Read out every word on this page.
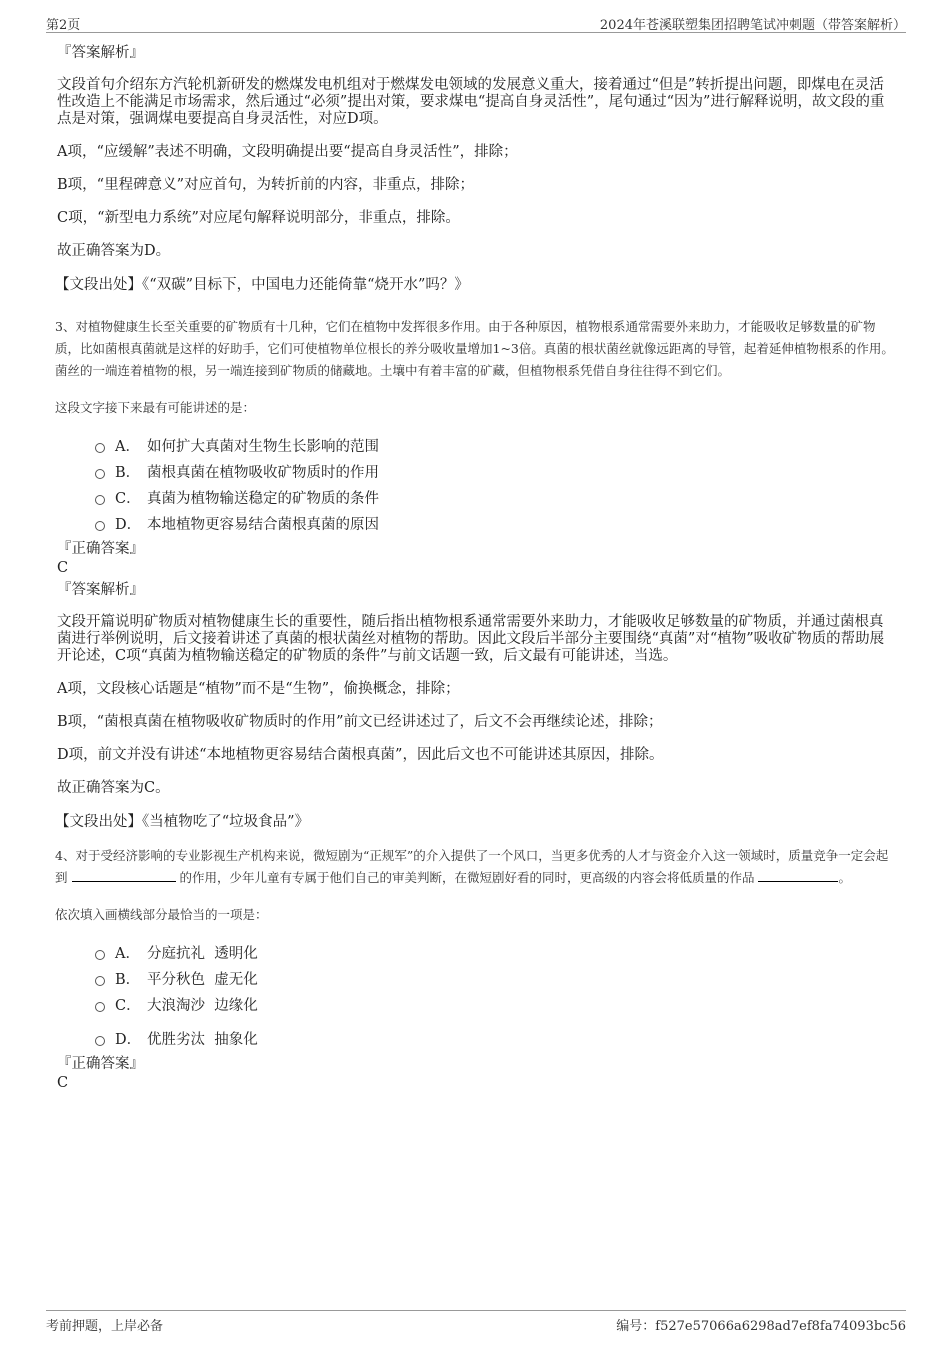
第2页	2024年苍溪联塑集团招聘笔试冲刺题（带答案解析）

『答案解析』

文段首句介绍东方汽轮机新研发的燃煤发电机组对于燃煤发电领域的发展意义重大，接着通过“但是”转折提出问题，即煤电在灵活性改造上不能满足市场需求，然后通过“必须”提出对策，要求煤电“提高自身灵活性”，尾句通过“因为”进行解释说明，故文段的重点是对策，强调煤电要提高自身灵活性，对应D项。

A项，“应缓解”表述不明确，文段明确提出要“提高自身灵活性”，排除；

B项，“里程碑意义”对应首句，为转折前的内容，非重点，排除；

C项，“新型电力系统”对应尾句解释说明部分，非重点，排除。

故正确答案为D。

【文段出处】《“双碳”目标下，中国电力还能倚靠“烧开水”吗？》

3、对植物健康生长至关重要的矿物质有十几种，它们在植物中发挥很多作用。由于各种原因，植物根系通常需要外来助力，才能吸收足够数量的矿物质，比如菌根真菌就是这样的好助手，它们可使植物单位根长的养分吸收量增加1~3倍。真菌的根状菌丝就像远距离的导管，起着延伸植物根系的作用。菌丝的一端连着植物的根，另一端连接到矿物质的储藏地。土壤中有着丰富的矿藏，但植物根系凭借自身往往得不到它们。

这段文字接下来最有可能讲述的是：

A． 如何扩大真菌对生物生长影响的范围
B． 菌根真菌在植物吸收矿物质时的作用
C． 真菌为植物输送稳定的矿物质的条件
D． 本地植物更容易结合菌根真菌的原因

『正确答案』

C

『答案解析』

文段开篇说明矿物质对植物健康生长的重要性，随后指出植物根系通常需要外来助力，才能吸收足够数量的矿物质，并通过菌根真菌进行举例说明，后文接着讲述了真菌的根状菌丝对植物的帮助。因此文段后半部分主要围绕“真菌”对“植物”吸收矿物质的帮助展开论述，C项“真菌为植物输送稳定的矿物质的条件”与前文话题一致，后文最有可能讲述，当选。

A项，文段核心话题是“植物”而不是“生物”，偷换概念，排除；

B项，“菌根真菌在植物吸收矿物质时的作用”前文已经讲述过了，后文不会再继续论述，排除；

D项，前文并没有讲述“本地植物更容易结合菌根真菌”，因此后文也不可能讲述其原因，排除。

故正确答案为C。

【文段出处】《当植物吃了“垃圾食品”》

4、对于受经济影响的专业影视生产机构来说，微短剧为“正规军”的介入提供了一个风口，当更多优秀的人才与资金介入这一领域时，质量竞争一定会起到	的作用，少年儿童有专属于他们自己的审美判断，在微短剧好看的同时，更高级的内容会将低质量的作品	。

依次填入画横线部分最恰当的一项是：

A． 分庭抗礼  透明化
B． 平分秋色  虚无化
C． 大浪淘沙  边缘化
D． 优胜劣汰  抽象化

『正确答案』

C

考前押题，上岸必备	编号：f527e57066a6298ad7ef8fa74093bc56
